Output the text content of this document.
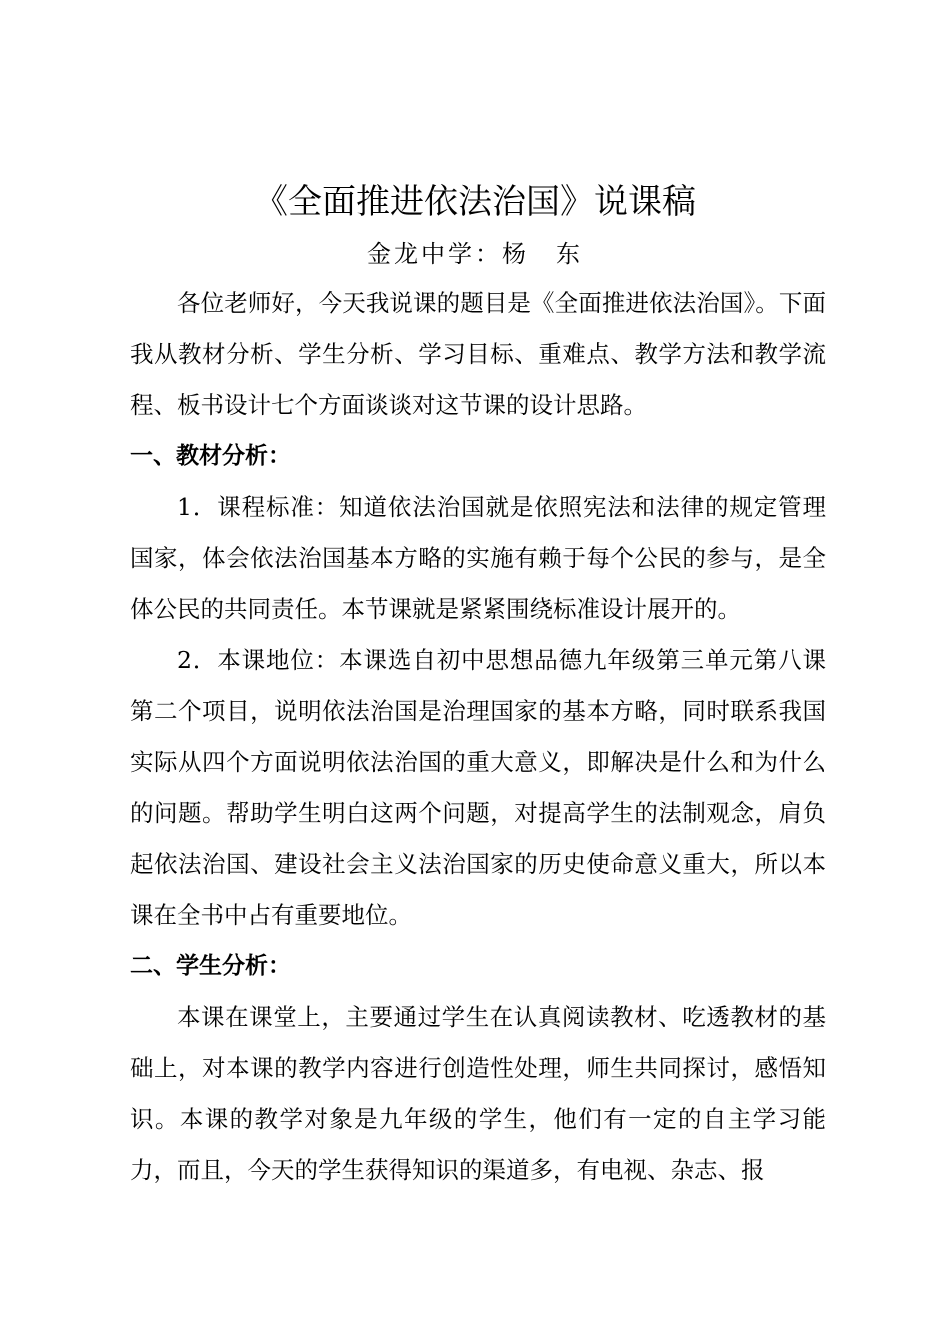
《全面推进依法治国》说课稿
金龙中学：杨　东

各位老师好，今天我说课的题目是《全面推进依法治国》。下面我从教材分析、学生分析、学习目标、重难点、教学方法和教学流程、板书设计七个方面谈谈对这节课的设计思路。

一、教材分析：

1．课程标准：知道依法治国就是依照宪法和法律的规定管理国家，体会依法治国基本方略的实施有赖于每个公民的参与，是全体公民的共同责任。本节课就是紧紧围绕标准设计展开的。

2．本课地位：本课选自初中思想品德九年级第三单元第八课第二个项目，说明依法治国是治理国家的基本方略，同时联系我国实际从四个方面说明依法治国的重大意义，即解决是什么和为什么的问题。帮助学生明白这两个问题，对提高学生的法制观念，肩负起依法治国、建设社会主义法治国家的历史使命意义重大，所以本课在全书中占有重要地位。

二、学生分析：

本课在课堂上，主要通过学生在认真阅读教材、吃透教材的基础上，对本课的教学内容进行创造性处理，师生共同探讨，感悟知识。本课的教学对象是九年级的学生，他们有一定的自主学习能力，而且，今天的学生获得知识的渠道多，有电视、杂志、报
